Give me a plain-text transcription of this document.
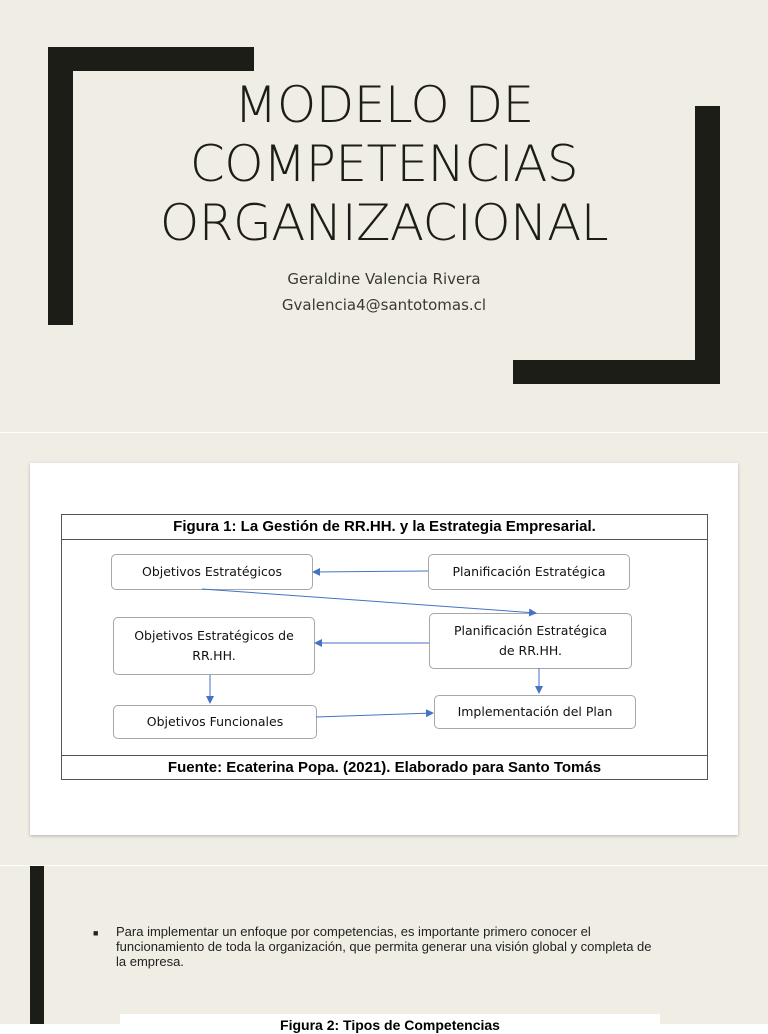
MODELO DE
COMPETENCIAS
ORGANIZACIONAL
Geraldine Valencia Rivera
Gvalencia4@santotomas.cl
Figura 1: La Gestión de RR.HH. y la Estrategia Empresarial.
Objetivos Estratégicos	Planificación Estratégica
Objetivos Estratégicos de
RR.HH.
Planificación Estratégica
de RR.HH.
Objetivos Funcionales
Implementación del Plan
Fuente: Ecaterina Popa. (2021). Elaborado para Santo Tomás
■	Para implementar un enfoque por competencias, es importante primero conocer el funcionamiento de toda la organización, que permita generar una visión global y completa de la empresa.
Figura 2: Tipos de Competencias
